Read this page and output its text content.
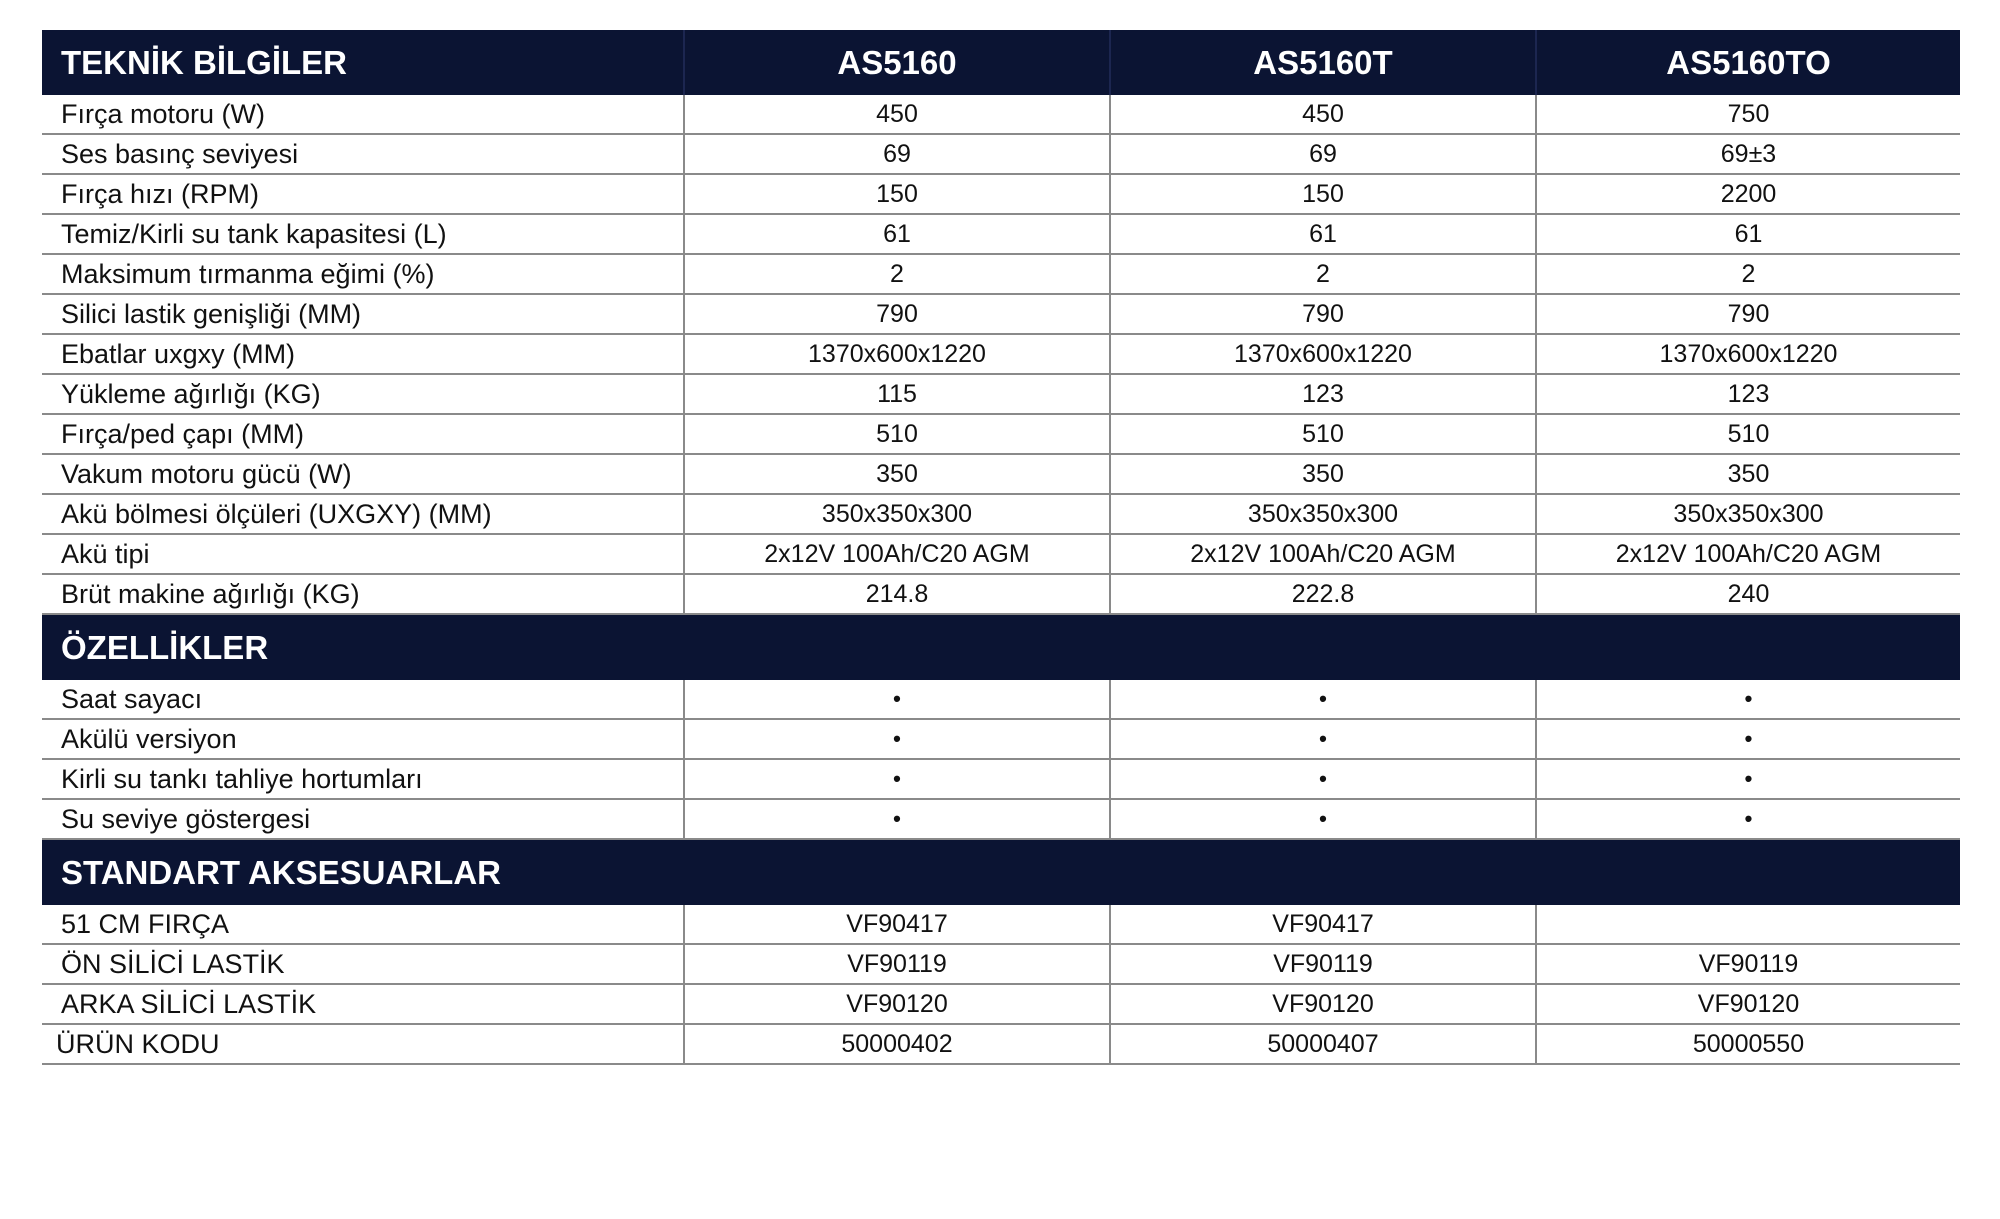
TEKNİK BİLGİLER	AS5160	AS5160T	AS5160TO
Fırça motoru (W)	450	450	750
Ses basınç seviyesi	69	69	69±3
Fırça hızı (RPM)	150	150	2200
Temiz/Kirli su tank kapasitesi (L)	61	61	61
Maksimum tırmanma eğimi (%)	2	2	2
Silici lastik genişliği (MM)	790	790	790
Ebatlar uxgxy (MM)	1370x600x1220	1370x600x1220	1370x600x1220
Yükleme ağırlığı (KG)	115	123	123
Fırça/ped çapı (MM)	510	510	510
Vakum motoru gücü (W)	350	350	350
Akü bölmesi ölçüleri (UXGXY) (MM)	350x350x300	350x350x300	350x350x300
Akü tipi	2x12V 100Ah/C20 AGM	2x12V 100Ah/C20 AGM	2x12V 100Ah/C20 AGM
Brüt makine ağırlığı (KG)	214.8	222.8	240
ÖZELLİKLER			
Saat sayacı	•	•	•
Akülü versiyon	•	•	•
Kirli su tankı tahliye hortumları	•	•	•
Su seviye göstergesi	•	•	•
STANDART AKSESUARLAR			
51 CM FIRÇA	VF90417	VF90417	
ÖN SİLİCİ LASTİK	VF90119	VF90119	VF90119
ARKA SİLİCİ LASTİK	VF90120	VF90120	VF90120
ÜRÜN KODU	50000402	50000407	50000550
